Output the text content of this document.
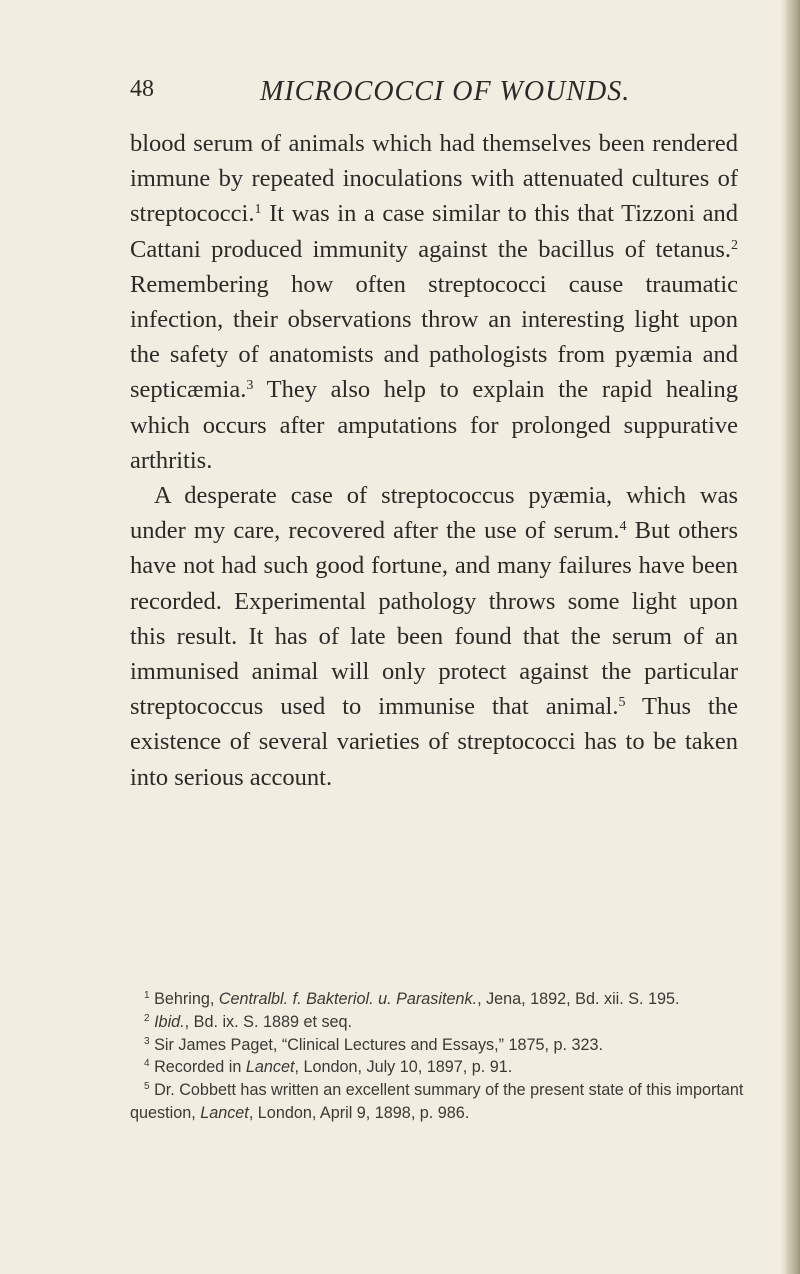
48	MICROCOCCI OF WOUNDS.

blood serum of animals which had themselves been rendered immune by repeated inoculations with attenuated cultures of streptococci.$^1$ It was in a case similar to this that Tizzoni and Cattani produced immunity against the bacillus of tetanus.$^2$ Remembering how often streptococci cause traumatic infection, their observations throw an interesting light upon the safety of anatomists and pathologists from pyæmia and septicæmia.$^3$ They also help to explain the rapid healing which occurs after amputations for prolonged suppurative arthritis.

A desperate case of streptococcus pyæmia, which was under my care, recovered after the use of serum.$^4$ But others have not had such good fortune, and many failures have been recorded. Experimental pathology throws some light upon this result. It has of late been found that the serum of an immunised animal will only protect against the particular streptococcus used to immunise that animal.$^5$ Thus the existence of several varieties of streptococci has to be taken into serious account.

$^1$ Behring, Centralbl. f. Bakteriol. u. Parasitenk., Jena, 1892, Bd. xii. S. 195.

$^2$ Ibid., Bd. ix. S. 1889 et seq.

$^3$ Sir James Paget, “Clinical Lectures and Essays,” 1875, p. 323.

$^4$ Recorded in Lancet, London, July 10, 1897, p. 91.

$^5$ Dr. Cobbett has written an excellent summary of the present state of this important question, Lancet, London, April 9, 1898, p. 986.
